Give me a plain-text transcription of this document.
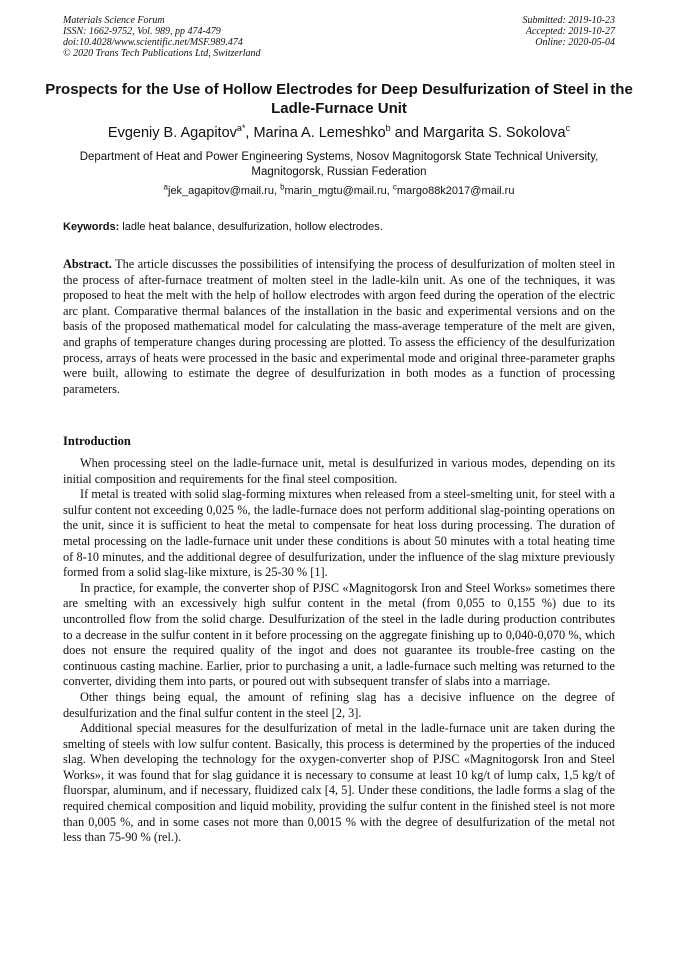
Materials Science Forum
ISSN: 1662-9752, Vol. 989, pp 474-479
doi:10.4028/www.scientific.net/MSF.989.474
© 2020 Trans Tech Publications Ltd, Switzerland
Submitted: 2019-10-23
Accepted: 2019-10-27
Online: 2020-05-04
Prospects for the Use of Hollow Electrodes for Deep Desulfurization of Steel in the Ladle-Furnace Unit
Evgeniy B. Agapitov$^{a*}$, Marina A. Lemeshko$^b$ and Margarita S. Sokolova$^c$
Department of Heat and Power Engineering Systems, Nosov Magnitogorsk State Technical University, Magnitogorsk, Russian Federation
$^a$jek_agapitov@mail.ru, $^b$marin_mgtu@mail.ru, $^c$margo88k2017@mail.ru
Keywords: ladle heat balance, desulfurization, hollow electrodes.
Abstract. The article discusses the possibilities of intensifying the process of desulfurization of molten steel in the process of after-furnace treatment of molten steel in the ladle-kiln unit. As one of the techniques, it was proposed to heat the melt with the help of hollow electrodes with argon feed during the operation of the electric arc plant. Comparative thermal balances of the installation in the basic and experimental versions and on the basis of the proposed mathematical model for calculating the mass-average temperature of the melt are given, and graphs of temperature changes during processing are plotted. To assess the efficiency of the desulfurization process, arrays of heats were processed in the basic and experimental mode and original three-parameter graphs were built, allowing to estimate the degree of desulfurization in both modes as a function of processing parameters.
Introduction

When processing steel on the ladle-furnace unit, metal is desulfurized in various modes, depending on its initial composition and requirements for the final steel composition.

If metal is treated with solid slag-forming mixtures when released from a steel-smelting unit, for steel with a sulfur content not exceeding 0,025 %, the ladle-furnace does not perform additional slag-pointing operations on the unit, since it is sufficient to heat the metal to compensate for heat loss during processing. The duration of metal processing on the ladle-furnace unit under these conditions is about 50 minutes with a total heating time of 8-10 minutes, and the additional degree of desulfurization, under the influence of the slag mixture previously formed from a solid slag-like mixture, is 25-30 % [1].

In practice, for example, the converter shop of PJSC «Magnitogorsk Iron and Steel Works» sometimes there are smelting with an excessively high sulfur content in the metal (from 0,055 to 0,155 %) due to its uncontrolled flow from the solid charge. Desulfurization of the steel in the ladle during production contributes to a decrease in the sulfur content in it before processing on the aggregate finishing up to 0,040-0,070 %, which does not ensure the required quality of the ingot and does not guarantee its trouble-free casting on the continuous casting machine. Earlier, prior to purchasing a unit, a ladle-furnace such melting was returned to the converter, dividing them into parts, or poured out with subsequent transfer of slabs into a marriage.

Other things being equal, the amount of refining slag has a decisive influence on the degree of desulfurization and the final sulfur content in the steel [2, 3].

Additional special measures for the desulfurization of metal in the ladle-furnace unit are taken during the smelting of steels with low sulfur content. Basically, this process is determined by the properties of the induced slag. When developing the technology for the oxygen-converter shop of PJSC «Magnitogorsk Iron and Steel Works», it was found that for slag guidance it is necessary to consume at least 10 kg/t of lump calx, 1,5 kg/t of fluorspar, aluminum, and if necessary, fluidized calx [4, 5]. Under these conditions, the ladle forms a slag of the required chemical composition and liquid mobility, providing the sulfur content in the finished steel is not more than 0,005 %, and in some cases not more than 0,0015 % with the degree of desulfurization of the metal not less than 75-90 % (rel.).
